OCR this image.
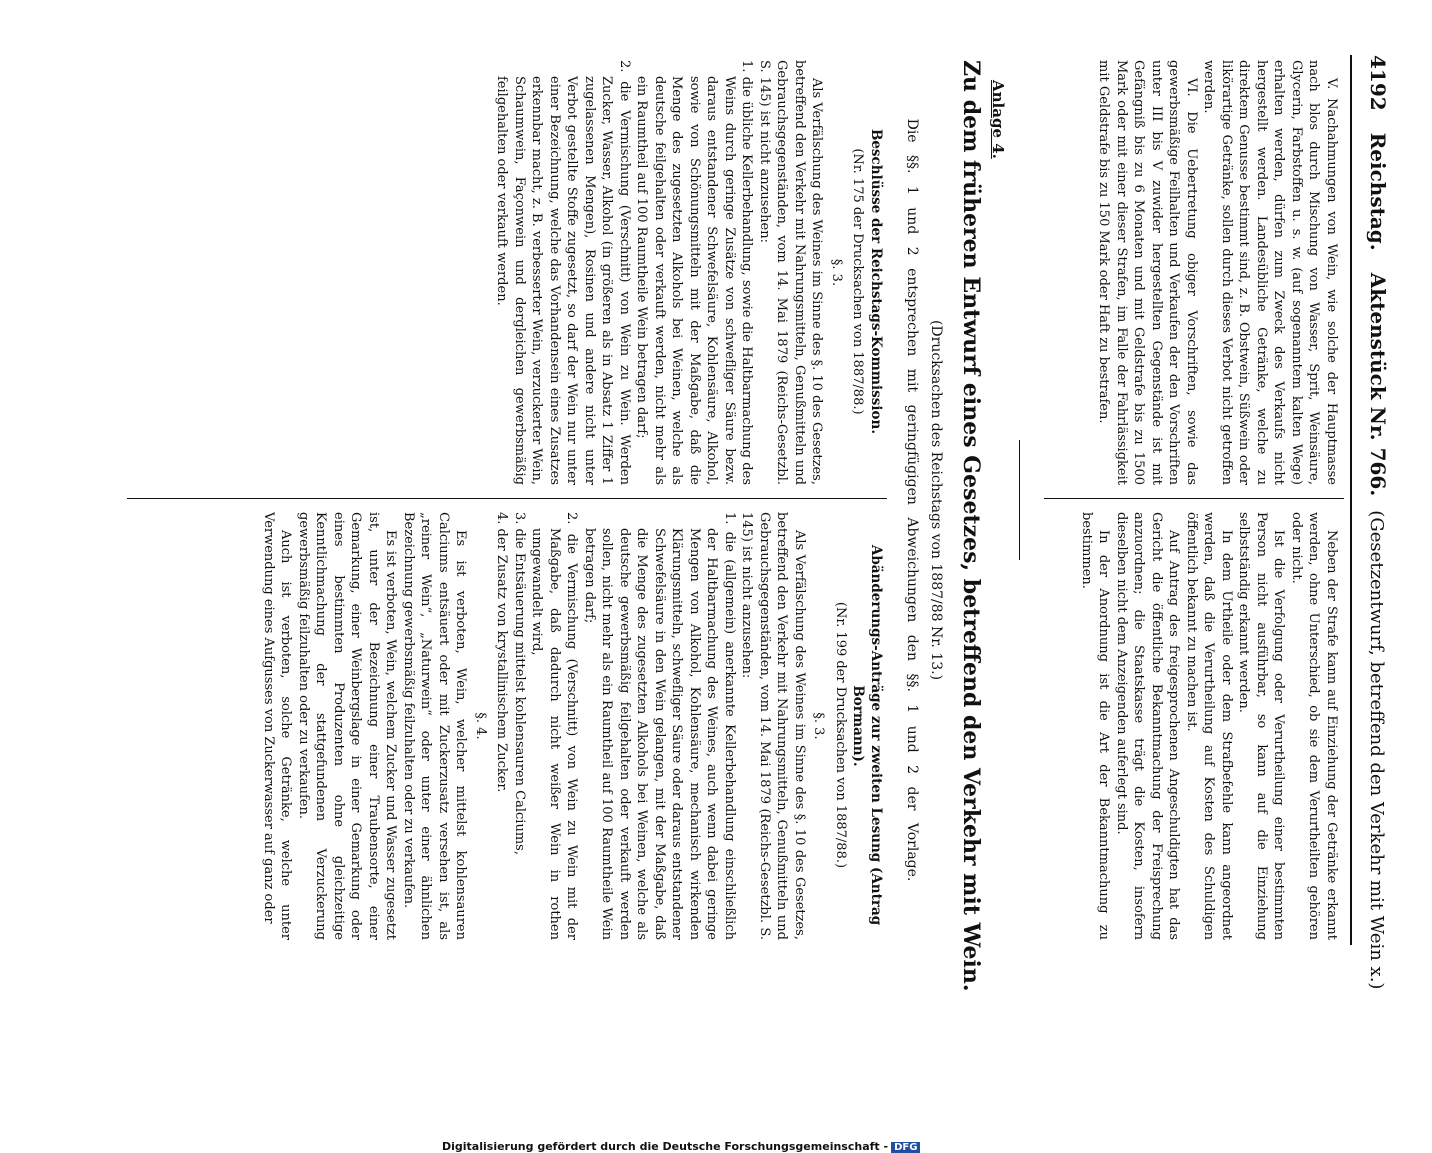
4192
Reichstag.
Aktenstück Nr. 766.
(Gesetzentwurf, betreffend den Verkehr mit Wein x.)

V. Nachahmungen von Wein, wie solche der Hauptmasse nach blos durch Mischung von Wasser, Sprit, Weinsäure, Glycerin, Farbstoffen u. s. w. (auf sogenanntem kalten Wege) erhalten werden, dürfen zum Zweck des Verkaufs nicht hergestellt werden. Landesübliche Getränke, welche zu direktem Genusse bestimmt sind, z. B. Obstwein, Süßwein oder likörartige Getränke, sollen durch dieses Verbot nicht getroffen werden.

VI. Die Uebertretung obiger Vorschriften, sowie das gewerbsmäßige Feilhalten und Verkaufen der den Vorschriften unter III bis V zuwider hergestellten Gegenstände ist mit Gefängniß bis zu 6 Monaten und mit Geldstrafe bis zu 1500 Mark oder mit einer dieser Strafen, im Falle der Fahrlässigkeit mit Geldstrafe bis zu 150 Mark oder Haft zu bestrafen.

Neben der Strafe kann auf Einziehung der Getränke erkannt werden, ohne Unterschied, ob sie dem Verurtheilten gehören oder nicht.

Ist die Verfolgung oder Verurtheilung einer bestimmten Person nicht ausführbar, so kann auf die Einziehung selbstständig erkannt werden.

In dem Urtheile oder dem Strafbefehle kann angeordnet werden, daß die Verurtheilung auf Kosten des Schuldigen öffentlich bekannt zu machen ist.

Auf Antrag des freigesprochenen Angeschuldigten hat das Gericht die öffentliche Bekanntmachung der Freisprechung anzuordnen; die Staatskasse trägt die Kosten, insofern dieselben nicht dem Anzeigenden auferlegt sind.

In der Anordnung ist die Art der Bekanntmachung zu bestimmen.

Anlage 4.
Zu dem früheren Entwurf eines Gesetzes, betreffend den Verkehr mit Wein.
(Drucksachen des Reichstags von 1887/88 Nr. 13.)
Die §§. 1 und 2 entsprechen mit geringfügigen Abweichungen den §§. 1 und 2 der Vorlage.

Beschlüsse der Reichstags-Kommission.

(Nr. 175 der Drucksachen von 1887/88.)

§. 3.

Als Verfälschung des Weines im Sinne des §. 10 des Gesetzes, betreffend den Verkehr mit Nahrungsmitteln, Genußmitteln und Gebrauchsgegenständen, vom 14. Mai 1879 (Reichs-Gesetzbl. S. 145) ist nicht anzusehen:

1. die übliche Kellerbehandlung, sowie die Haltbarmachung des Weins durch geringe Zusätze von schwefliger Säure bezw. daraus entstandener Schwefelsäure, Kohlensäure, Alkohol, sowie von Schönungsmitteln mit der Maßgabe, daß die Menge des zugesetzten Alkohols bei Weinen, welche als deutsche feilgehalten oder verkauft werden, nicht mehr als ein Raumtheil auf 100 Raumtheile Wein betragen darf;

2. die Vermischung (Verschnitt) von Wein zu Wein. Werden Zucker, Wasser, Alkohol (in größeren als in Absatz 1 Ziffer 1 zugelassenen Mengen), Rosinen und andere nicht unter Verbot gestellte Stoffe zugesetzt, so darf der Wein nur unter einer Bezeichnung, welche das Vorhandensein eines Zusatzes erkennbar macht, z. B. verbesserter Wein, verzuckerter Wein, Schaumwein, Façonwein und dergleichen gewerbsmäßig feilgehalten oder verkauft werden.

Abänderungs-Anträge zur zweiten Lesung (Antrag Bormann).

(Nr. 199 der Drucksachen von 1887/88.)

§. 3.

Als Verfälschung des Weines im Sinne des §. 10 des Gesetzes, betreffend den Verkehr mit Nahrungsmitteln, Genußmitteln und Gebrauchsgegenständen, vom 14. Mai 1879 (Reichs-Gesetzbl. S. 145) ist nicht anzusehen:

1. die (allgemein) anerkannte Kellerbehandlung einschließlich der Haltbarmachung des Weines, auch wenn dabei geringe Mengen von Alkohol, Kohlensäure, mechanisch wirkenden Klärungsmitteln, schwefliger Säure oder daraus entstandener Schwefelsäure in den Wein gelangen, mit der Maßgabe, daß die Menge des zugesetzten Alkohols bei Weinen, welche als deutsche gewerbsmäßig feilgehalten oder verkauft werden sollen, nicht mehr als ein Raumtheil auf 100 Raumtheile Wein betragen darf;

2. die Vermischung (Verschnitt) von Wein zu Wein mit der Maßgabe, daß dadurch nicht weißer Wein in rothen umgewandelt wird,

3. die Entsäuerung mittelst kohlensauren Calciums,

4. der Zusatz von krystallinischem Zucker.

§. 4.

Es ist verboten, Wein, welcher mittelst kohlensauren Calciums entsäuert oder mit Zuckerzusatz versehen ist, als „reiner Wein“, „Naturwein“ oder unter einer ähnlichen Bezeichnung gewerbsmäßig feilzuhalten oder zu verkaufen.

Es ist verboten, Wein, welchem Zucker und Wasser zugesetzt ist, unter der Bezeichnung einer Traubensorte, einer Gemarkung, einer Weinbergslage in einer Gemarkung oder eines bestimmten Produzenten ohne gleichzeitige Kenntlichmachung der stattgefundenen Verzuckerung gewerbsmäßig feilzuhalten oder zu verkaufen.

Auch ist verboten, solche Getränke, welche unter Verwendung eines Aufgusses von Zuckerwasser auf ganz oder

Digitalisierung gefördert durch die Deutsche Forschungsgemeinschaft - DFG
